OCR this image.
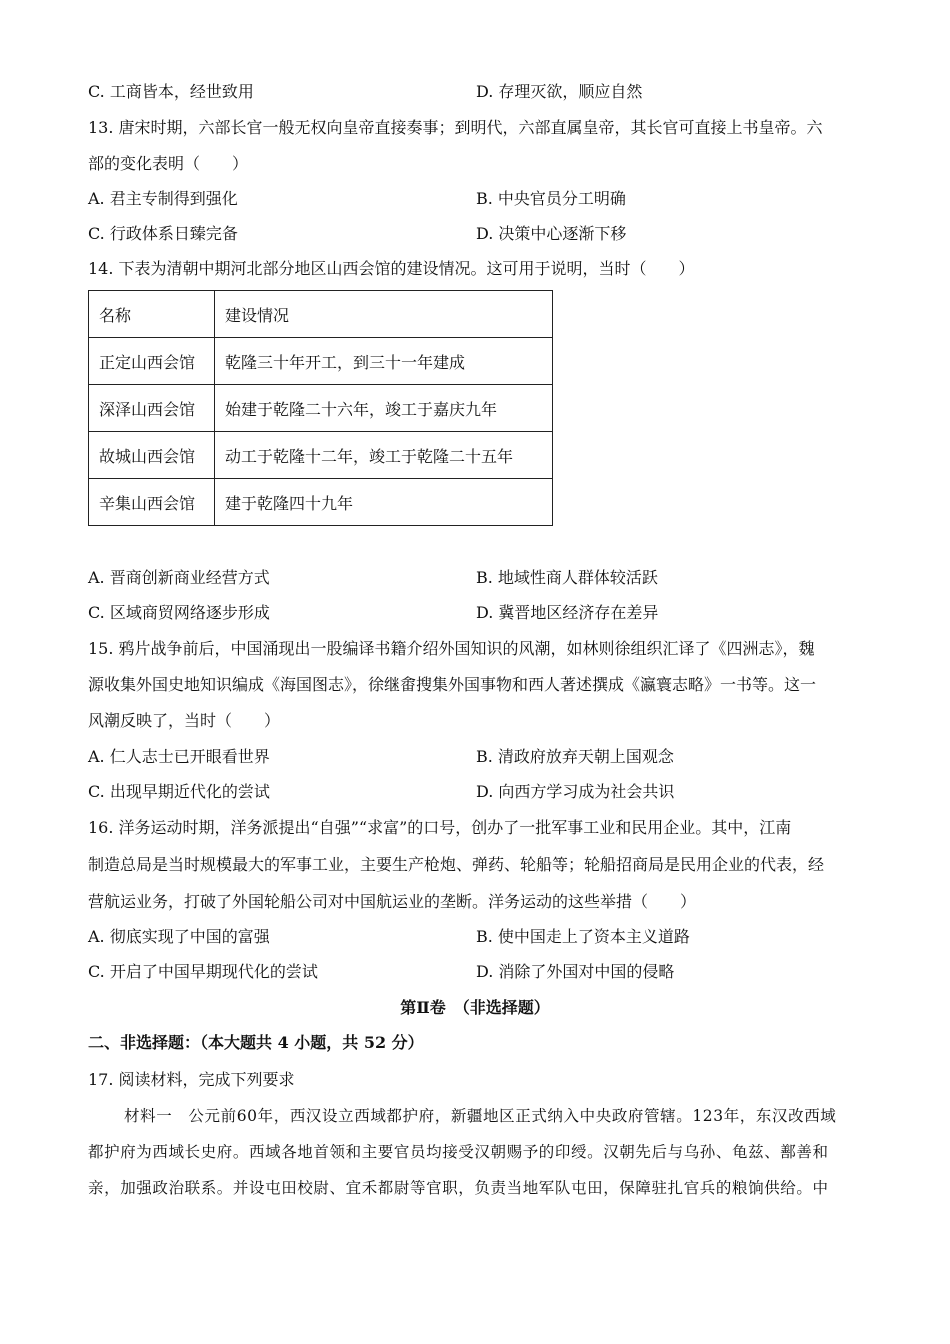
C. 工商皆本，经世致用	D. 存理灭欲，顺应自然
13. 唐宋时期，六部长官一般无权向皇帝直接奏事；到明代，六部直属皇帝，其长官可直接上书皇帝。六
部的变化表明（　　）
A. 君主专制得到强化	B. 中央官员分工明确
C. 行政体系日臻完备	D. 决策中心逐渐下移
14. 下表为清朝中期河北部分地区山西会馆的建设情况。这可用于说明，当时（　　）
名称	建设情况
正定山西会馆	乾隆三十年开工，到三十一年建成
深泽山西会馆	始建于乾隆二十六年，竣工于嘉庆九年
故城山西会馆	动工于乾隆十二年，竣工于乾隆二十五年
辛集山西会馆	建于乾隆四十九年
A. 晋商创新商业经营方式	B. 地域性商人群体较活跃
C. 区域商贸网络逐步形成	D. 冀晋地区经济存在差异
15. 鸦片战争前后，中国涌现出一股编译书籍介绍外国知识的风潮，如林则徐组织汇译了《四洲志》，魏
源收集外国史地知识编成《海国图志》，徐继畬搜集外国事物和西人著述撰成《瀛寰志略》一书等。这一
风潮反映了，当时（　　）
A. 仁人志士已开眼看世界	B. 清政府放弃天朝上国观念
C. 出现早期近代化的尝试	D. 向西方学习成为社会共识
16. 洋务运动时期，洋务派提出“自强”“求富”的口号，创办了一批军事工业和民用企业。其中，江南
制造总局是当时规模最大的军事工业，主要生产枪炮、弹药、轮船等；轮船招商局是民用企业的代表，经
营航运业务，打破了外国轮船公司对中国航运业的垄断。洋务运动的这些举措（　　）
A. 彻底实现了中国的富强	B. 使中国走上了资本主义道路
C. 开启了中国早期现代化的尝试	D. 消除了外国对中国的侵略
第Ⅱ卷　（非选择题）
二、非选择题：（本大题共 4 小题，共 52 分）
17. 阅读材料，完成下列要求
材料一　公元前60年，西汉设立西域都护府，新疆地区正式纳入中央政府管辖。123年，东汉改西域
都护府为西域长史府。西域各地首领和主要官员均接受汉朝赐予的印绶。汉朝先后与乌孙、龟兹、鄯善和
亲，加强政治联系。并设屯田校尉、宜禾都尉等官职，负责当地军队屯田，保障驻扎官兵的粮饷供给。中
